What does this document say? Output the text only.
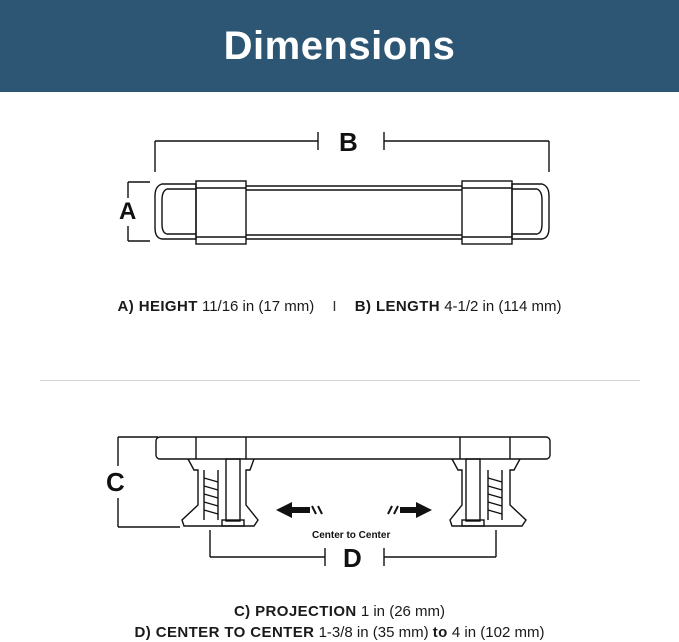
Dimensions
B
A
C
D
Center to Center
A) HEIGHT 11/16 in (17 mm) I B) LENGTH 4-1/2 in (114 mm)
C) PROJECTION 1 in (26 mm)
D) CENTER TO CENTER 1-3/8 in (35 mm) to 4 in (102 mm)
